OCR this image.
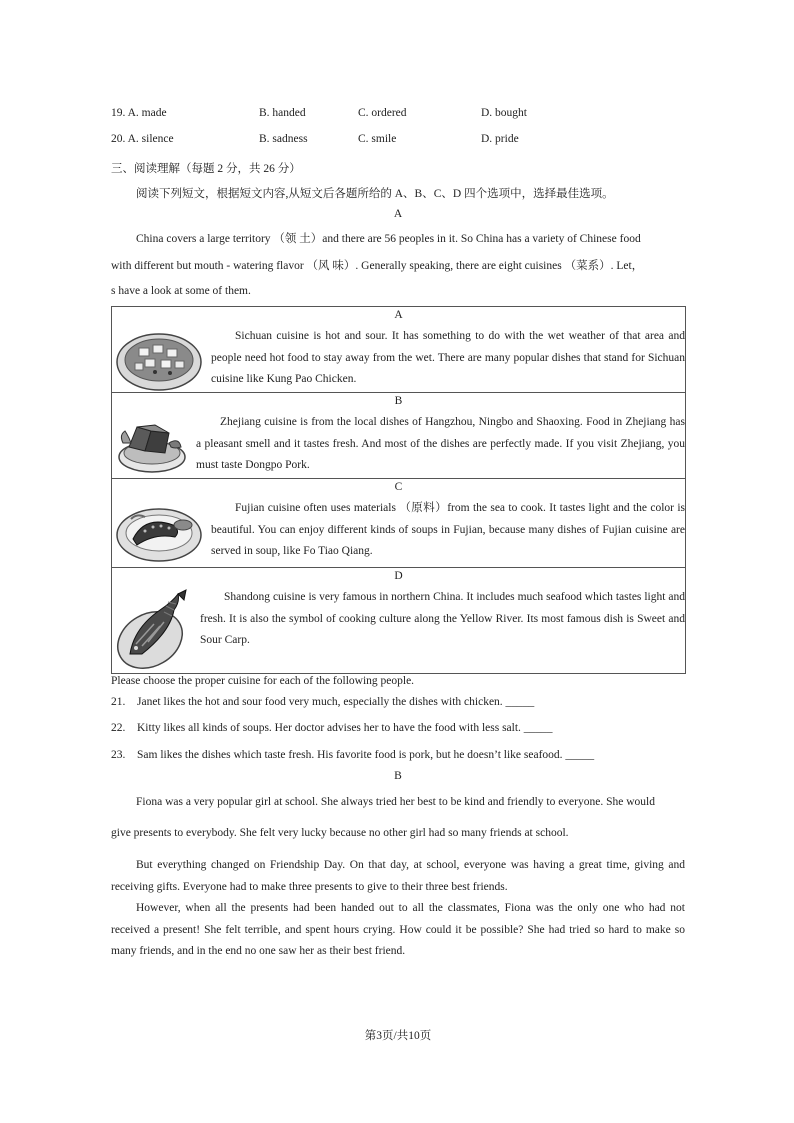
19. A. made	B. handed	C. ordered	D. bought
20. A. silence	B. sadness	C. smile	D. pride
三、阅读理解（每题 2 分，共 26 分）
阅读下列短文，根据短文内容,从短文后各题所给的 A、B、C、D 四个选项中，选择最佳选项。
A
China covers a large territory （领 土）and there are 56 peoples in it. So China has a variety of Chinese food
with different but mouth - watering flavor （风 味）. Generally speaking, there are eight cuisines （菜系）. Let，
s have a look at some of them.
A
Sichuan cuisine is hot and sour. It has something to do with the wet weather of that area and people need hot food to stay away from the wet. There are many popular dishes that stand for Sichuan cuisine like Kung Pao Chicken.
B
Zhejiang cuisine is from the local dishes of Hangzhou, Ningbo and Shaoxing. Food in Zhejiang has a pleasant smell and it tastes fresh. And most of the dishes are perfectly made. If you visit Zhejiang, you must taste Dongpo Pork.
C
Fujian cuisine often uses materials （原料）from the sea to cook. It tastes light and the color is beautiful. You can enjoy different kinds of soups in Fujian, because many dishes of Fujian cuisine are served in soup, like Fo Tiao Qiang.
D
Shandong cuisine is very famous in northern China. It includes much seafood which tastes light and fresh. It is also the symbol of cooking culture along the Yellow River. Its most famous dish is Sweet and Sour Carp.
Please choose the proper cuisine for each of the following people.
21. Janet likes the hot and sour food very much, especially the dishes with chicken. _____
22. Kitty likes all kinds of soups. Her doctor advises her to have the food with less salt. _____
23. Sam likes the dishes which taste fresh. His favorite food is pork, but he doesn’t like seafood. _____
B
Fiona was a very popular girl at school. She always tried her best to be kind and friendly to everyone. She would
give presents to everybody. She felt very lucky because no other girl had so many friends at school.
But everything changed on Friendship Day. On that day, at school, everyone was having a great time, giving and receiving gifts. Everyone had to make three presents to give to their three best friends.
However, when all the presents had been handed out to all the classmates, Fiona was the only one who had not received a present! She felt terrible, and spent hours crying. How could it be possible? She had tried so hard to make so many friends, and in the end no one saw her as their best friend.
第3页/共10页
